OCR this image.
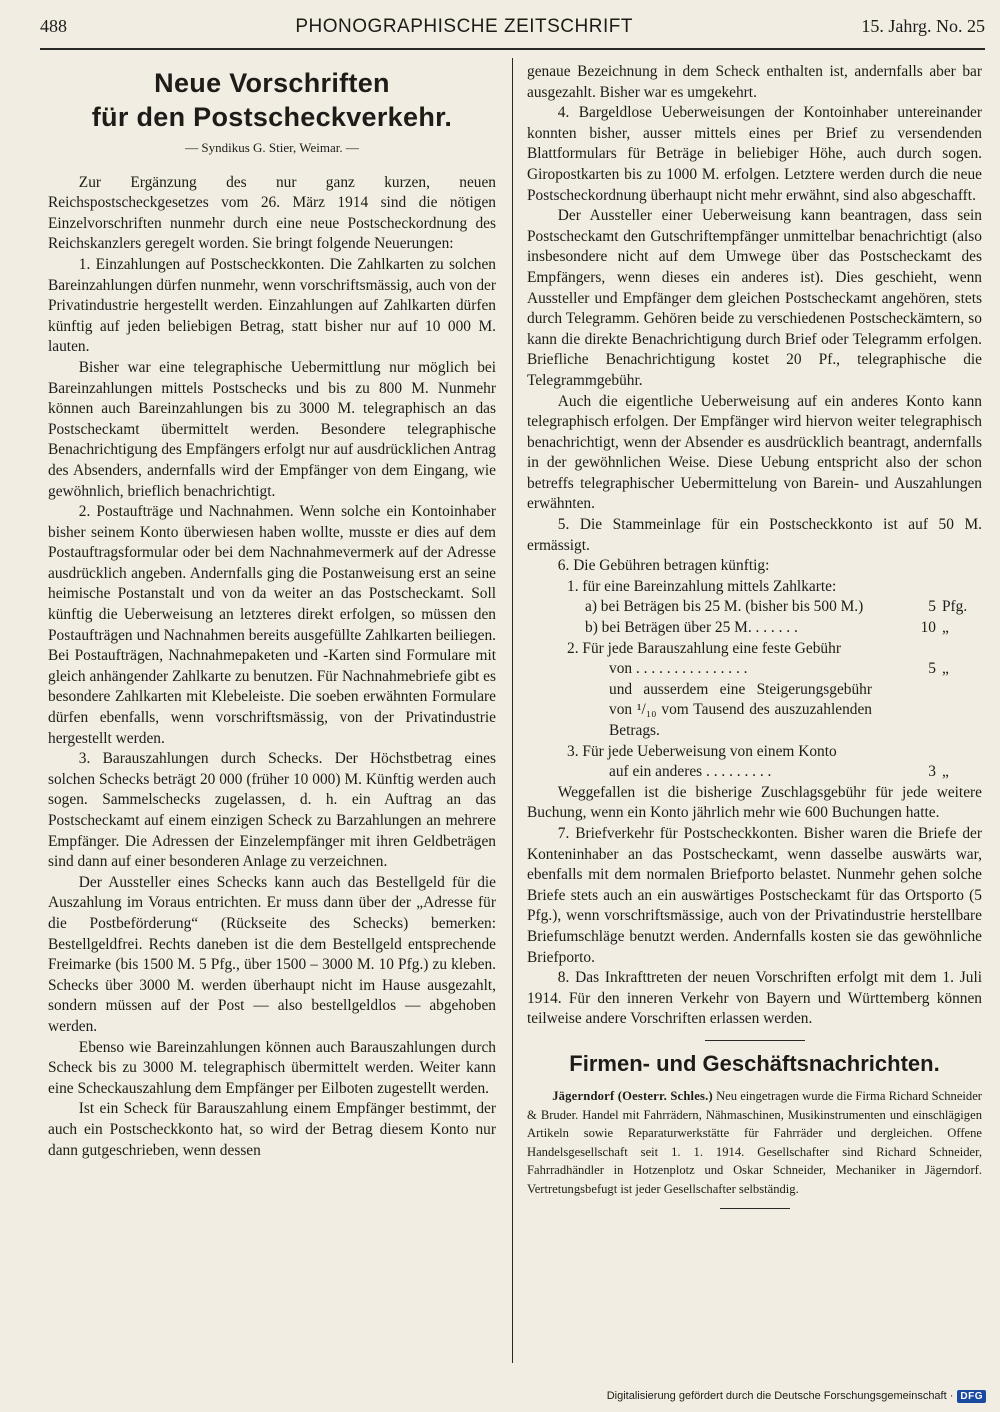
488	PHONOGRAPHISCHE ZEITSCHRIFT	15. Jahrg. No. 25
Neue Vorschriften
für den Postscheckverkehr.
— Syndikus G. Stier, Weimar. —

Zur Ergänzung des nur ganz kurzen, neuen Reichspostscheckgesetzes vom 26. März 1914 sind die nötigen Einzelvorschriften nunmehr durch eine neue Postscheckordnung des Reichskanzlers geregelt worden. Sie bringt folgende Neuerungen:

1. Einzahlungen auf Postscheckkonten. Die Zahlkarten zu solchen Bareinzahlungen dürfen nunmehr, wenn vorschriftsmässig, auch von der Privatindustrie hergestellt werden. Einzahlungen auf Zahlkarten dürfen künftig auf jeden beliebigen Betrag, statt bisher nur auf 10 000 M. lauten.

Bisher war eine telegraphische Uebermittlung nur möglich bei Bareinzahlungen mittels Postschecks und bis zu 800 M. Nunmehr können auch Bareinzahlungen bis zu 3000 M. telegraphisch an das Postscheckamt übermittelt werden. Besondere telegraphische Benachrichtigung des Empfängers erfolgt nur auf ausdrücklichen Antrag des Absenders, andernfalls wird der Empfänger von dem Eingang, wie gewöhnlich, brieflich benachrichtigt.

2. Postaufträge und Nachnahmen. Wenn solche ein Kontoinhaber bisher seinem Konto überwiesen haben wollte, musste er dies auf dem Postauftragsformular oder bei dem Nachnahmevermerk auf der Adresse ausdrücklich angeben. Andernfalls ging die Postanweisung erst an seine heimische Postanstalt und von da weiter an das Postscheckamt. Soll künftig die Ueberweisung an letzteres direkt erfolgen, so müssen den Postaufträgen und Nachnahmen bereits ausgefüllte Zahlkarten beiliegen. Bei Postaufträgen, Nachnahmepaketen und -Karten sind Formulare mit gleich anhängender Zahlkarte zu benutzen. Für Nachnahmebriefe gibt es besondere Zahlkarten mit Klebeleiste. Die soeben erwähnten Formulare dürfen ebenfalls, wenn vorschriftsmässig, von der Privatindustrie hergestellt werden.

3. Barauszahlungen durch Schecks. Der Höchstbetrag eines solchen Schecks beträgt 20 000 (früher 10 000) M. Künftig werden auch sogen. Sammelschecks zugelassen, d. h. ein Auftrag an das Postscheckamt auf einem einzigen Scheck zu Barzahlungen an mehrere Empfänger. Die Adressen der Einzelempfänger mit ihren Geldbeträgen sind dann auf einer besonderen Anlage zu verzeichnen.

Der Aussteller eines Schecks kann auch das Bestellgeld für die Auszahlung im Voraus entrichten. Er muss dann über der „Adresse für die Postbeförderung“ (Rückseite des Schecks) bemerken: Bestellgeldfrei. Rechts daneben ist die dem Bestellgeld entsprechende Freimarke (bis 1500 M. 5 Pfg., über 1500 – 3000 M. 10 Pfg.) zu kleben. Schecks über 3000 M. werden überhaupt nicht im Hause ausgezahlt, sondern müssen auf der Post — also bestellgeldlos — abgehoben werden.

Ebenso wie Bareinzahlungen können auch Barauszahlungen durch Scheck bis zu 3000 M. telegraphisch übermittelt werden. Weiter kann eine Scheckauszahlung dem Empfänger per Eilboten zugestellt werden.

Ist ein Scheck für Barauszahlung einem Empfänger bestimmt, der auch ein Postscheckkonto hat, so wird der Betrag diesem Konto nur dann gutgeschrieben, wenn dessen

genaue Bezeichnung in dem Scheck enthalten ist, andernfalls aber bar ausgezahlt. Bisher war es umgekehrt.

4. Bargeldlose Ueberweisungen der Kontoinhaber untereinander konnten bisher, ausser mittels eines per Brief zu versendenden Blattformulars für Beträge in beliebiger Höhe, auch durch sogen. Giropostkarten bis zu 1000 M. erfolgen. Letztere werden durch die neue Postscheckordnung überhaupt nicht mehr erwähnt, sind also abgeschafft.

Der Aussteller einer Ueberweisung kann beantragen, dass sein Postscheckamt den Gutschriftempfänger unmittelbar benachrichtigt (also insbesondere nicht auf dem Umwege über das Postscheckamt des Empfängers, wenn dieses ein anderes ist). Dies geschieht, wenn Aussteller und Empfänger dem gleichen Postscheckamt angehören, stets durch Telegramm. Gehören beide zu verschiedenen Postscheckämtern, so kann die direkte Benachrichtigung durch Brief oder Telegramm erfolgen. Briefliche Benachrichtigung kostet 20 Pf., telegraphische die Telegrammgebühr.

Auch die eigentliche Ueberweisung auf ein anderes Konto kann telegraphisch erfolgen. Der Empfänger wird hiervon weiter telegraphisch benachrichtigt, wenn der Absender es ausdrücklich beantragt, andernfalls in der gewöhnlichen Weise. Diese Uebung entspricht also der schon betreffs telegraphischer Uebermittelung von Barein- und Auszahlungen erwähnten.

5. Die Stammeinlage für ein Postscheckkonto ist auf 50 M. ermässigt.

6. Die Gebühren betragen künftig:

1. für eine Bareinzahlung mittels Zahlkarte:		
a) bei Beträgen bis 25 M. (bisher bis 500 M.)	5	Pfg.
b) bei Beträgen über 25 M. . . . . . .	10	„
2. Für jede Barauszahlung eine feste Gebühr		
von . . . . . . . . . . . . . . .	5	„
und ausserdem eine Steigerungsgebühr von ¹/₁₀ vom Tausend des auszuzahlenden Betrags.		
3. Für jede Ueberweisung von einem Konto		
auf ein anderes . . . . . . . . .	3	„

Weggefallen ist die bisherige Zuschlagsgebühr für jede weitere Buchung, wenn ein Konto jährlich mehr wie 600 Buchungen hatte.

7. Briefverkehr für Postscheckkonten. Bisher waren die Briefe der Konteninhaber an das Postscheckamt, wenn dasselbe auswärts war, ebenfalls mit dem normalen Briefporto belastet. Nunmehr gehen solche Briefe stets auch an ein auswärtiges Postscheckamt für das Ortsporto (5 Pfg.), wenn vorschriftsmässige, auch von der Privatindustrie herstellbare Briefumschläge benutzt werden. Andernfalls kosten sie das gewöhnliche Briefporto.

8. Das Inkrafttreten der neuen Vorschriften erfolgt mit dem 1. Juli 1914. Für den inneren Verkehr von Bayern und Württemberg können teilweise andere Vorschriften erlassen werden.

Firmen- und Geschäftsnachrichten.

Jägerndorf (Oesterr. Schles.) Neu eingetragen wurde die Firma Richard Schneider & Bruder. Handel mit Fahrrädern, Nähmaschinen, Musikinstrumenten und einschlägigen Artikeln sowie Reparaturwerkstätte für Fahrräder und dergleichen. Offene Handelsgesellschaft seit 1. 1. 1914. Gesellschafter sind Richard Schneider, Fahrradhändler in Hotzenplotz und Oskar Schneider, Mechaniker in Jägerndorf. Vertretungsbefugt ist jeder Gesellschafter selbständig.

Digitalisierung gefördert durch die Deutsche Forschungsgemeinschaft · DFG
